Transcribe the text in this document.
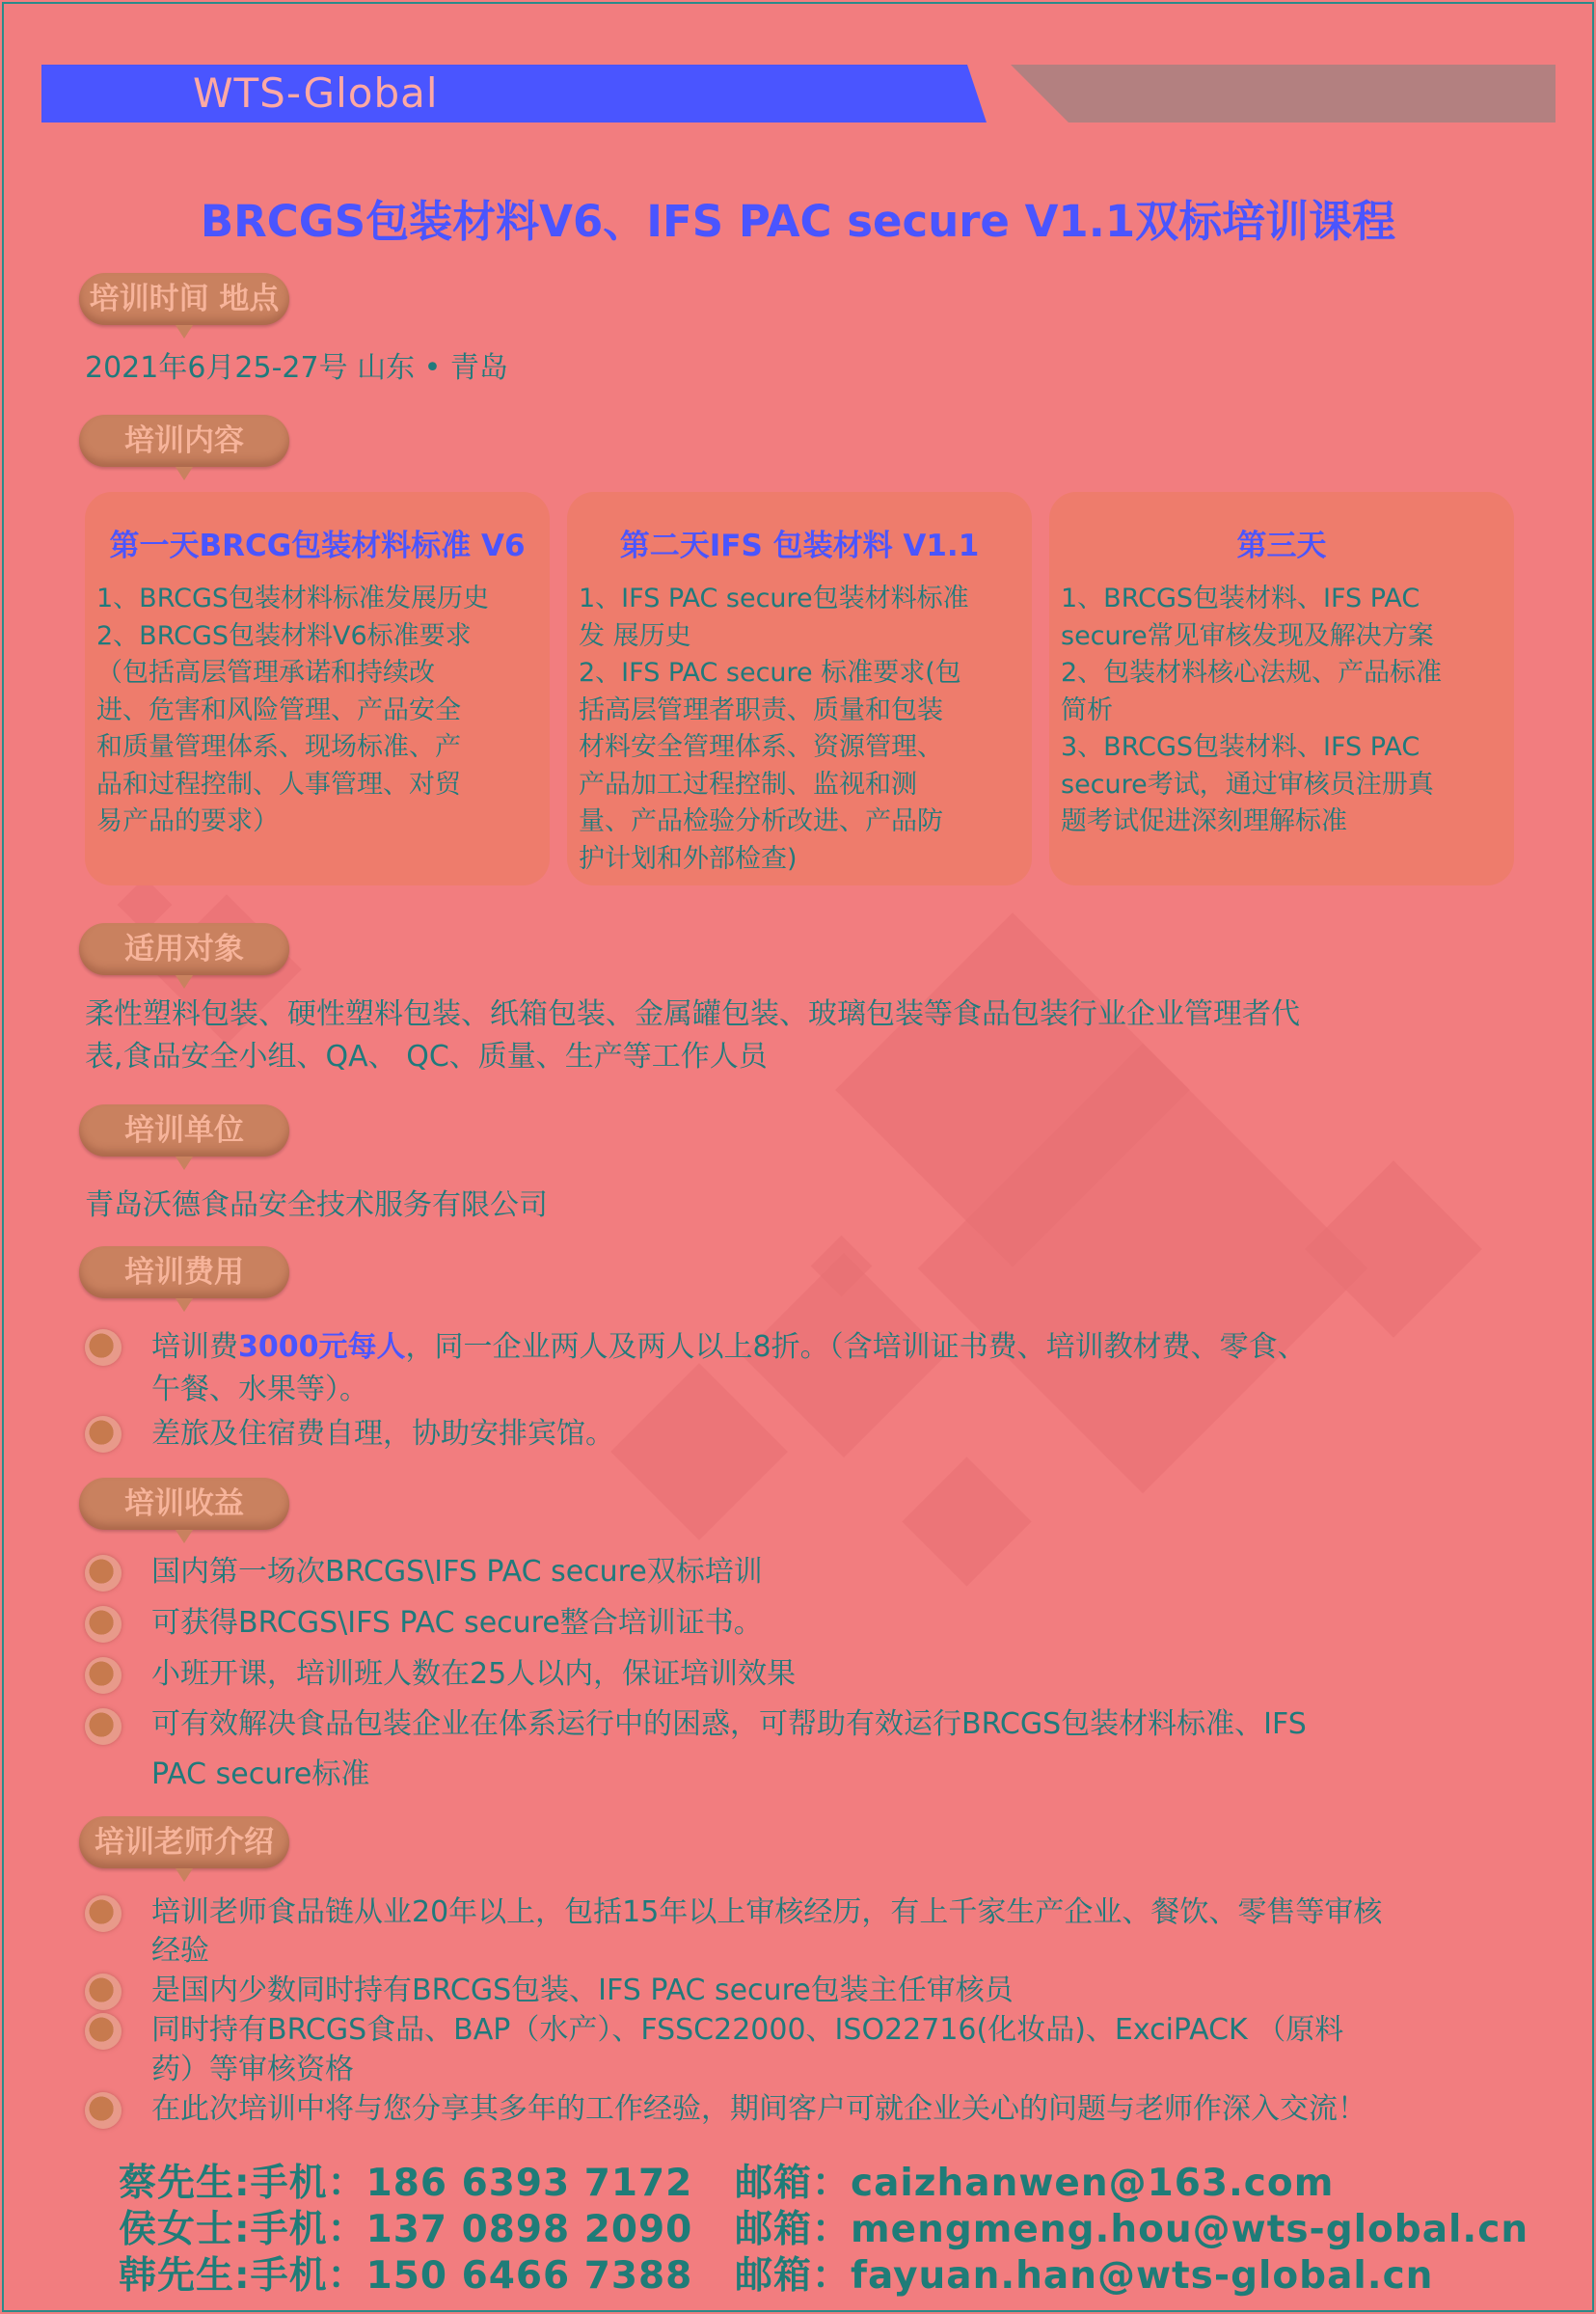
WTS-Global
BRCGS包装材料V6、IFS PAC secure V1.1双标培训课程
培训时间 地点
2021年6月25-27号 山东 • 青岛
培训内容
第一天BRCG包装材料标准 V6
1、BRCGS包装材料标准发展历史
2、BRCGS包装材料V6标准要求
（包括高层管理承诺和持续改
进、危害和风险管理、产品安全
和质量管理体系、现场标准、产
品和过程控制、人事管理、对贸
易产品的要求）
第二天IFS 包装材料 V1.1
1、IFS PAC secure包装材料标准
发 展历史
2、IFS PAC secure 标准要求(包
括高层管理者职责、质量和包装
材料安全管理体系、资源管理、
产品加工过程控制、监视和测
量、产品检验分析改进、产品防
护计划和外部检查)
第三天
1、BRCGS包装材料、IFS PAC
secure常见审核发现及解决方案
2、包装材料核心法规、产品标准
简析
3、BRCGS包装材料、IFS PAC
secure考试，通过审核员注册真
题考试促进深刻理解标准
适用对象
柔性塑料包装、硬性塑料包装、纸箱包装、金属罐包装、玻璃包装等食品包装行业企业管理者代
表,食品安全小组、QA、 QC、质量、生产等工作人员
培训单位
青岛沃德食品安全技术服务有限公司
培训费用
培训费3000元每人，同一企业两人及两人以上8折。（含培训证书费、培训教材费、零食、
午餐、水果等）。
差旅及住宿费自理，协助安排宾馆。
培训收益
国内第一场次BRCGS\IFS PAC secure双标培训
可获得BRCGS\IFS PAC secure整合培训证书。
小班开课，培训班人数在25人以内，保证培训效果
可有效解决食品包装企业在体系运行中的困惑，可帮助有效运行BRCGS包装材料标准、IFS
PAC secure标准
培训老师介绍
培训老师食品链从业20年以上，包括15年以上审核经历，有上千家生产企业、餐饮、零售等审核
经验
是国内少数同时持有BRCGS包装、IFS PAC secure包装主任审核员
同时持有BRCGS食品、BAP（水产）、FSSC22000、ISO22716(化妆品)、ExciPACK （原料
药）等审核资格
在此次培训中将与您分享其多年的工作经验，期间客户可就企业关心的问题与老师作深入交流！
蔡先生:手机：186 6393 7172   邮箱：caizhanwen@163.com
侯女士:手机：137 0898 2090   邮箱：mengmeng.hou@wts-global.cn
韩先生:手机：150 6466 7388   邮箱：fayuan.han@wts-global.cn
